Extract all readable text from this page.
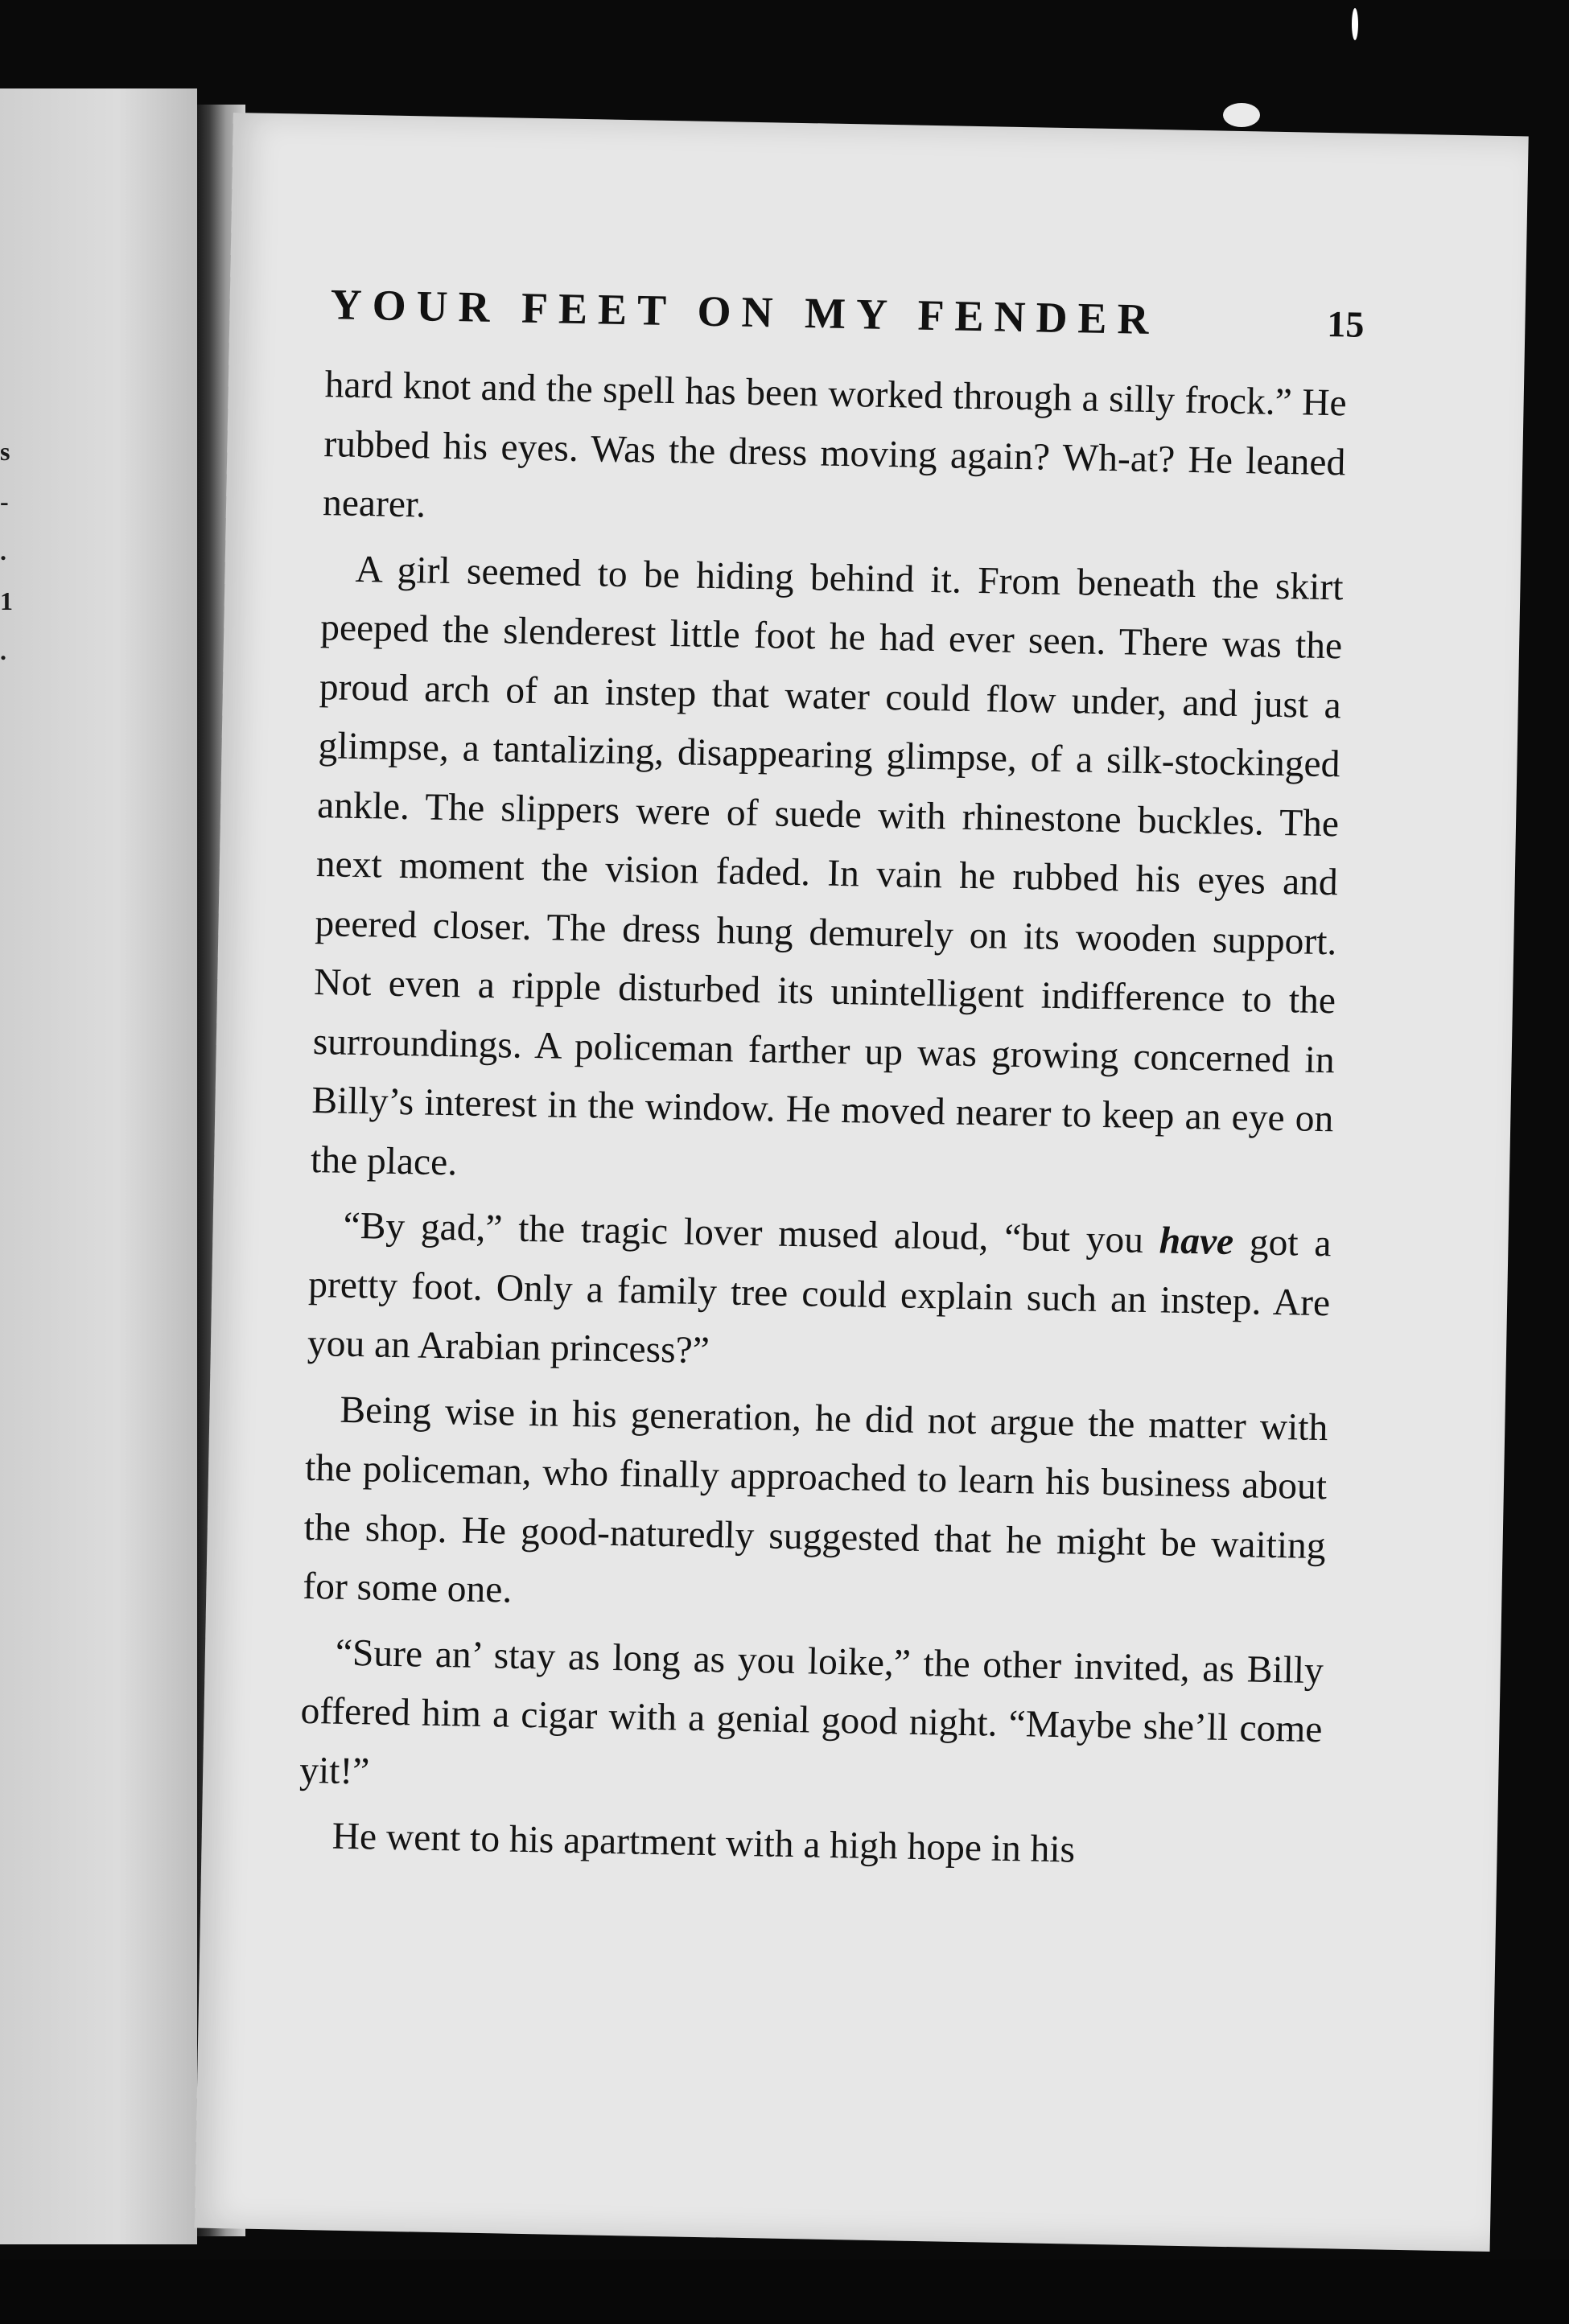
s
-
.
1
.
YOUR FEET ON MY FENDER	15

hard knot and the spell has been worked through a silly frock.” He rubbed his eyes. Was the dress moving again? Wh-at? He leaned nearer.

A girl seemed to be hiding behind it. From beneath the skirt peeped the slenderest little foot he had ever seen. There was the proud arch of an instep that water could flow under, and just a glimpse, a tantalizing, disappearing glimpse, of a silk-stockinged ankle. The slippers were of suede with rhinestone buckles. The next moment the vision faded. In vain he rubbed his eyes and peered closer. The dress hung demurely on its wooden support. Not even a ripple disturbed its unintelligent indifference to the surroundings. A policeman farther up was growing concerned in Billy’s interest in the window. He moved nearer to keep an eye on the place.

“By gad,” the tragic lover mused aloud, “but you have got a pretty foot. Only a family tree could explain such an instep. Are you an Arabian princess?”

Being wise in his generation, he did not argue the matter with the policeman, who finally approached to learn his business about the shop. He good-naturedly suggested that he might be waiting for some one.

“Sure an’ stay as long as you loike,” the other invited, as Billy offered him a cigar with a genial good night. “Maybe she’ll come yit!”

He went to his apartment with a high hope in his
